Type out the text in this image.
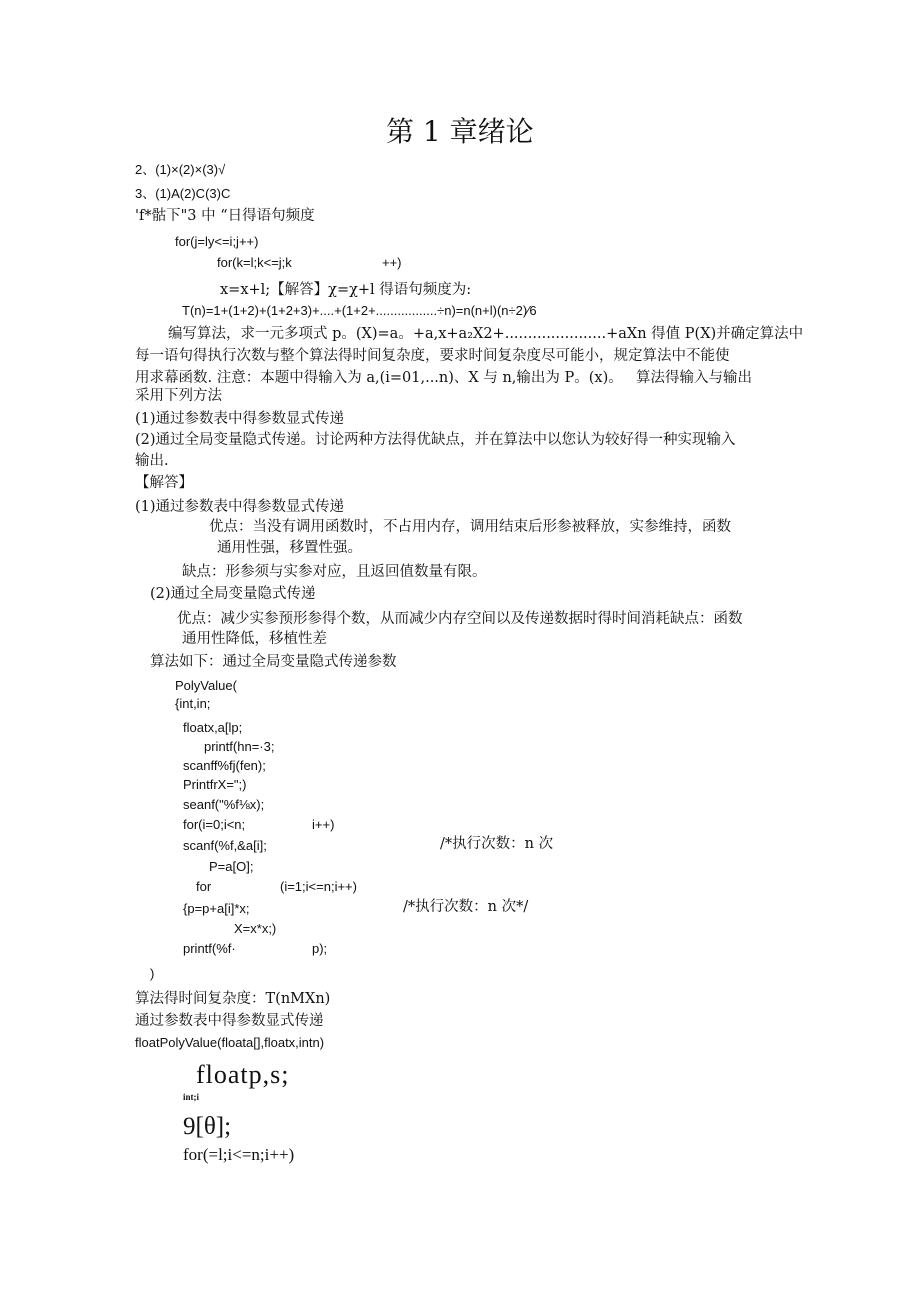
第 1 章绪论
2、(1)×(2)×(3)√
3、(1)A(2)C(3)C
'f*骷下"3 中 “日得语句频度
for(j=ly<=i;j++)
for(k=l;k<=j;k	++)
x=x+l;【解答】χ=χ+l 得语句频度为:
T(n)=1+(1+2)+(1+2+3)+....+(1+2+.................÷n)=n(n+l)(n÷2)⁄6
编写算法，求一元多项式 p。(X)=a。+a,x+a₂X2+......................+aXn 得值 P(X)并确定算法中
每一语句得执行次数与整个算法得时间复杂度，要求时间复杂度尽可能小，规定算法中不能使
用求幕函数. 注意：本题中得输入为 a,(i=01,...n)、X 与 n,输出为 P。(x)。 算法得输入与输出
采用下列方法
(1)通过参数表中得参数显式传递
(2)通过全局变量隐式传递。讨论两种方法得优缺点，并在算法中以您认为较好得一种实现输入
输出.
【解答】
(1)通过参数表中得参数显式传递
优点：当没有调用函数时，不占用内存，调用结束后形参被释放，实参维持，函数
通用性强，移置性强。
缺点：形参须与实参对应，且返回值数量有限。
(2)通过全局变量隐式传递
优点：减少实参预形参得个数，从而减少内存空间以及传递数据时得时间消耗缺点：函数
通用性降低，移植性差
算法如下：通过全局变量隐式传递参数
PolyValue(
{int,in;
floatx,a[lp;
printf(hn=·3;
scanff%fj(fen);
PrintfrX=";)
seanf("%f⅛x);
for(i=0;i<n;	i++)
scanf(%f,&a[i];	/*执行次数：n 次
P=a[O];
for	(i=1;i<=n;i++)
{p=p+a[i]*x;	/*执行次数：n 次*/
X=x*x;)
printf(%f·	p);
)
算法得时间复杂度：T(nMXn)
通过参数表中得参数显式传递
floatPolyValue(floata[],floatx,intn)
floatp,s;
int;i
9[θ];
for(=l;i<=n;i++)
